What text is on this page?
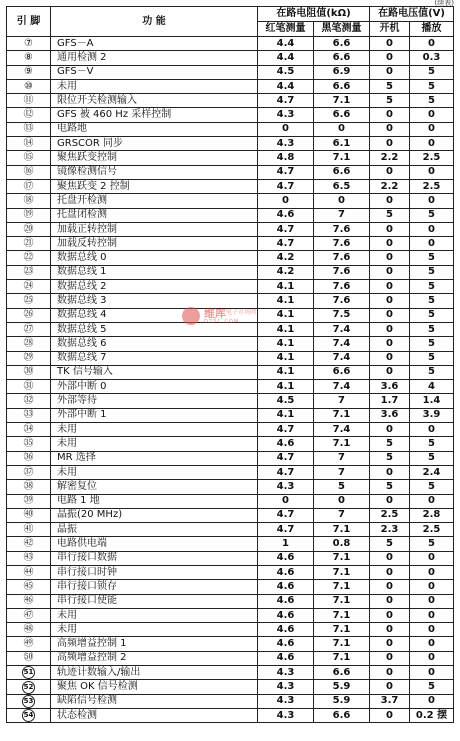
(续表)
引 脚	功 能	在路电阻值(kΩ)		在路电压值(V)	
		红笔测量	黑笔测量	开机	播放
⑦	GFS－A	4.4	6.6	0	0
⑧	通用检测 2	4.4	6.6	0	0.3
⑨	GFS－V	4.5	6.9	0	5
⑩	未用	4.4	6.6	5	5
⑪	限位开关检测输入	4.7	7.1	5	5
⑫	GFS 被 460 Hz 采样控制	4.3	6.6	0	0
⑬	电路地	0	0	0	0
⑭	GRSCOR 同步	4.3	6.1	0	0
⑮	聚焦跃变控制	4.8	7.1	2.2	2.5
⑯	镜像检测信号	4.7	6.6	0	0
⑰	聚焦跃变 2 控制	4.7	6.5	2.2	2.5
⑱	托盘开检测	0	0	0	0
⑲	托盘闭检测	4.6	7	5	5
⑳	加载正转控制	4.7	7.6	0	0
㉑	加载反转控制	4.7	7.6	0	0
㉒	数据总线 0	4.2	7.6	0	5
㉓	数据总线 1	4.2	7.6	0	5
㉔	数据总线 2	4.1	7.6	0	5
㉕	数据总线 3	4.1	7.6	0	5
㉖	数据总线 4	4.1	7.5	0	5
㉗	数据总线 5	4.1	7.4	0	5
㉘	数据总线 6	4.1	7.4	0	5
㉙	数据总线 7	4.1	7.4	0	5
㉚	TK 信号输入	4.1	6.6	0	5
㉛	外部中断 0	4.1	7.4	3.6	4
㉜	外部等待	4.5	7	1.7	1.4
㉝	外部中断 1	4.1	7.1	3.6	3.9
㉞	未用	4.7	7.4	0	0
㉟	未用	4.6	7.1	5	5
㊱	MR 选择	4.7	7	5	5
㊲	未用	4.7	7	0	2.4
㊳	解密复位	4.3	5	5	5
㊴	电路 1 地	0	0	0	0
㊵	晶振(20 MHz)	4.7	7	2.5	2.8
㊶	晶振	4.7	7.1	2.3	2.5
㊷	电路供电端	1	0.8	5	5
㊸	串行接口数据	4.6	7.1	0	0
㊹	串行接口时钟	4.6	7.1	0	0
㊺	串行接口锁存	4.6	7.1	0	0
㊻	串行接口使能	4.6	7.1	0	0
㊼	未用	4.6	7.1	0	0
㊽	未用	4.6	7.1	0	0
㊾	高频增益控制 1	4.6	7.1	0	0
㊿	高频增益控制 2	4.6	7.1	0	0
51	轨迹计数输入/输出	4.3	6.6	0	0
52	聚焦 OK 信号检测	4.3	5.9	0	5
53	缺陷信号检测	4.3	5.9	3.7	0
54	状态检测	4.3	6.6	0	0.2 摆
维库 电子市场网
DZSC.COM
